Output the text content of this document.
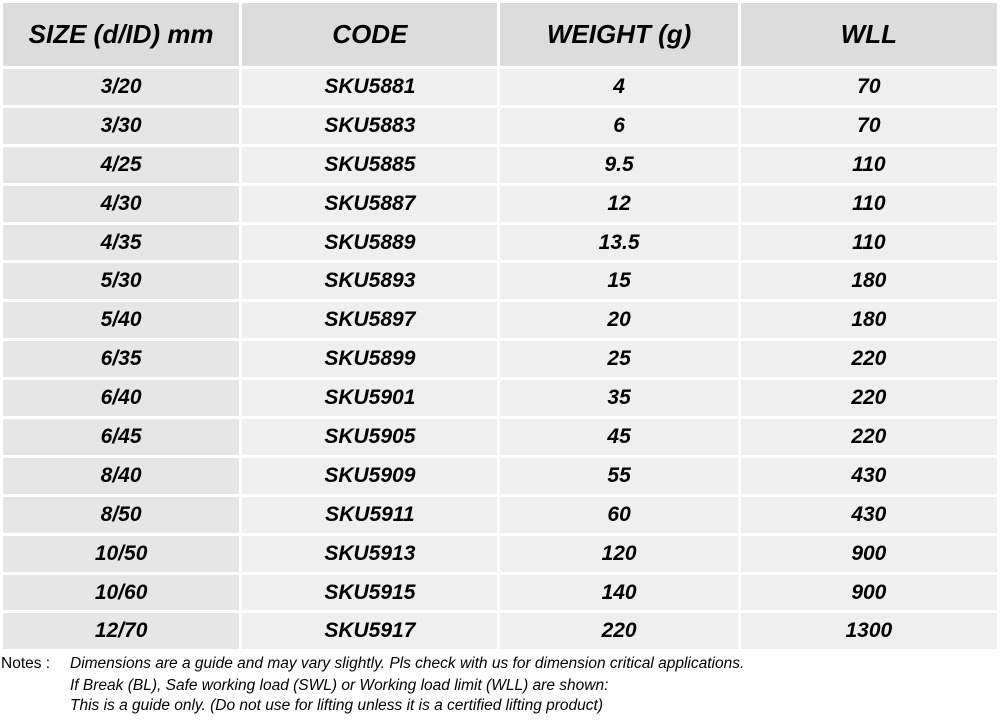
SIZE (d/ID) mm	CODE	WEIGHT (g)	WLL
3/20	SKU5881	4	70
3/30	SKU5883	6	70
4/25	SKU5885	9.5	110
4/30	SKU5887	12	110
4/35	SKU5889	13.5	110
5/30	SKU5893	15	180
5/40	SKU5897	20	180
6/35	SKU5899	25	220
6/40	SKU5901	35	220
6/45	SKU5905	45	220
8/40	SKU5909	55	430
8/50	SKU5911	60	430
10/50	SKU5913	120	900
10/60	SKU5915	140	900
12/70	SKU5917	220	1300
Notes : Dimensions are a guide and may vary slightly. Pls check with us for dimension critical applications.
If Break (BL), Safe working load (SWL) or Working load limit (WLL) are shown:
This is a guide only. (Do not use for lifting unless it is a certified lifting product)
